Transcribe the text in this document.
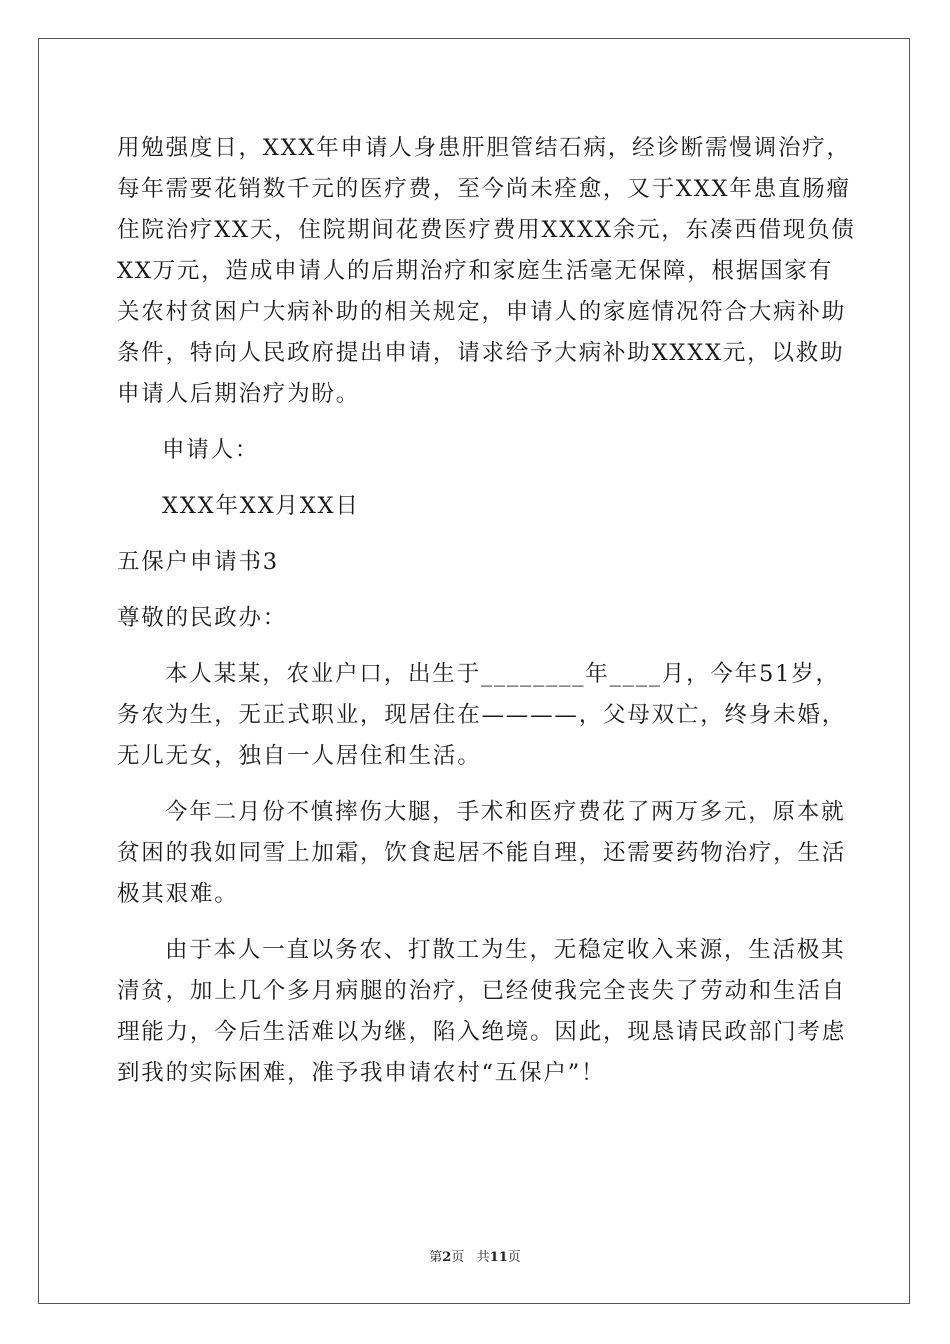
用勉强度日，XXX年申请人身患肝胆管结石病，经诊断需慢调治疗，

每年需要花销数千元的医疗费，至今尚未痊愈，又于XXX年患直肠瘤

住院治疗XX天，住院期间花费医疗费用XXXX余元，东凑西借现负债

XX万元，造成申请人的后期治疗和家庭生活毫无保障，根据国家有

关农村贫困户大病补助的相关规定，申请人的家庭情况符合大病补助

条件，特向人民政府提出申请，请求给予大病补助XXXX元，以救助

申请人后期治疗为盼。

申请人：

XXX年XX月XX日

五保户申请书3

尊敬的民政办：

本人某某，农业户口，出生于________年____月，今年51岁，

务农为生，无正式职业，现居住在————，父母双亡，终身未婚，

无儿无女，独自一人居住和生活。

今年二月份不慎摔伤大腿，手术和医疗费花了两万多元，原本就

贫困的我如同雪上加霜，饮食起居不能自理，还需要药物治疗，生活

极其艰难。

由于本人一直以务农、打散工为生，无稳定收入来源，生活极其

清贫，加上几个多月病腿的治疗，已经使我完全丧失了劳动和生活自

理能力，今后生活难以为继，陷入绝境。因此，现恳请民政部门考虑

到我的实际困难，准予我申请农村“五保户”！

第2页 共11页
